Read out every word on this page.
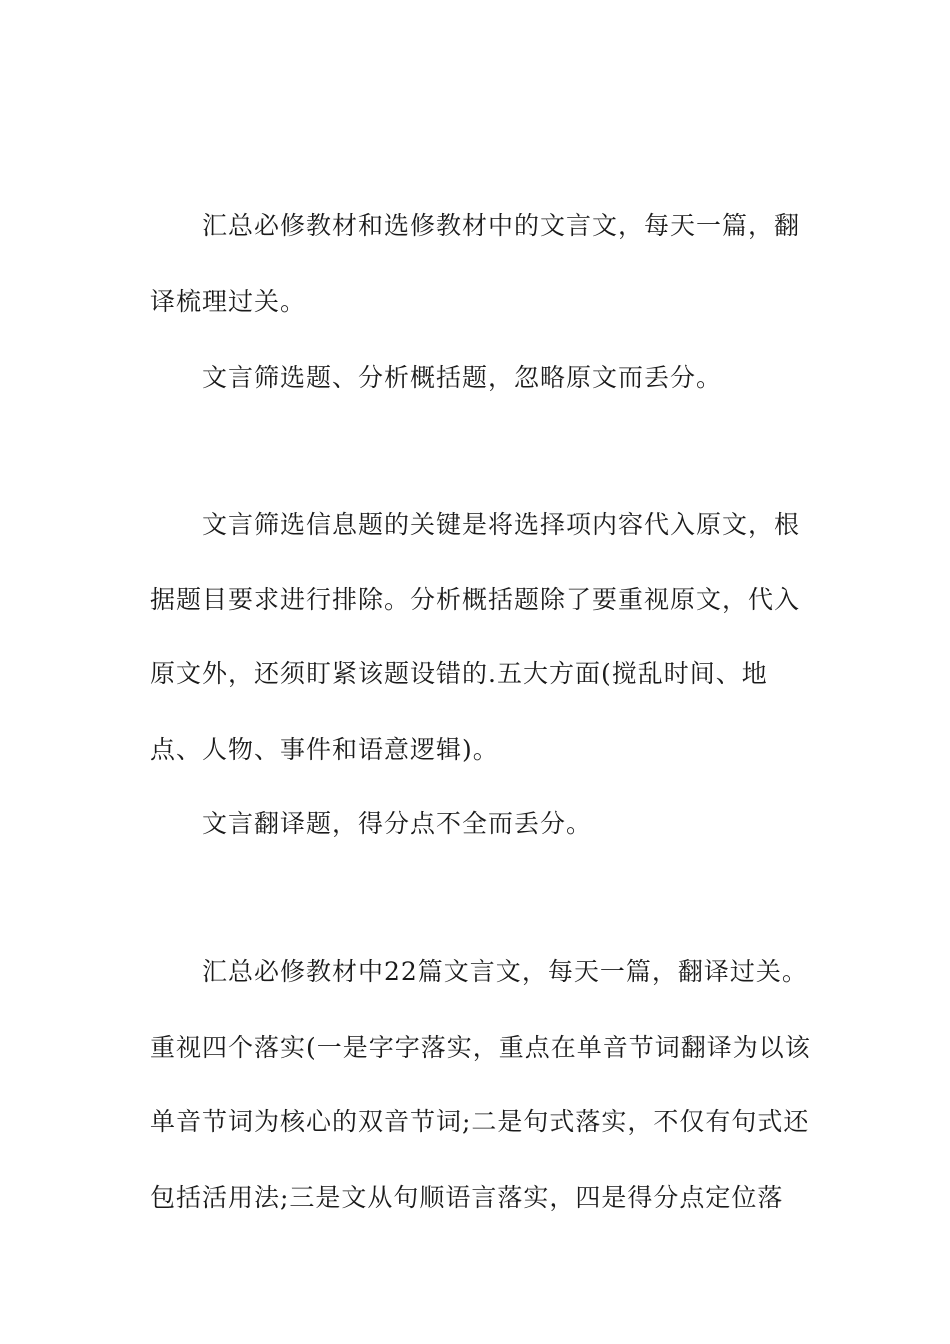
汇总必修教材和选修教材中的文言文，每天一篇，翻
译梳理过关。
文言筛选题、分析概括题，忽略原文而丢分。
文言筛选信息题的关键是将选择项内容代入原文，根
据题目要求进行排除。分析概括题除了要重视原文，代入
原文外，还须盯紧该题设错的.五大方面(搅乱时间、地
点、人物、事件和语意逻辑)。
文言翻译题，得分点不全而丢分。
汇总必修教材中22篇文言文，每天一篇，翻译过关。
重视四个落实(一是字字落实，重点在单音节词翻译为以该
单音节词为核心的双音节词;二是句式落实，不仅有句式还
包括活用法;三是文从句顺语言落实，四是得分点定位落
